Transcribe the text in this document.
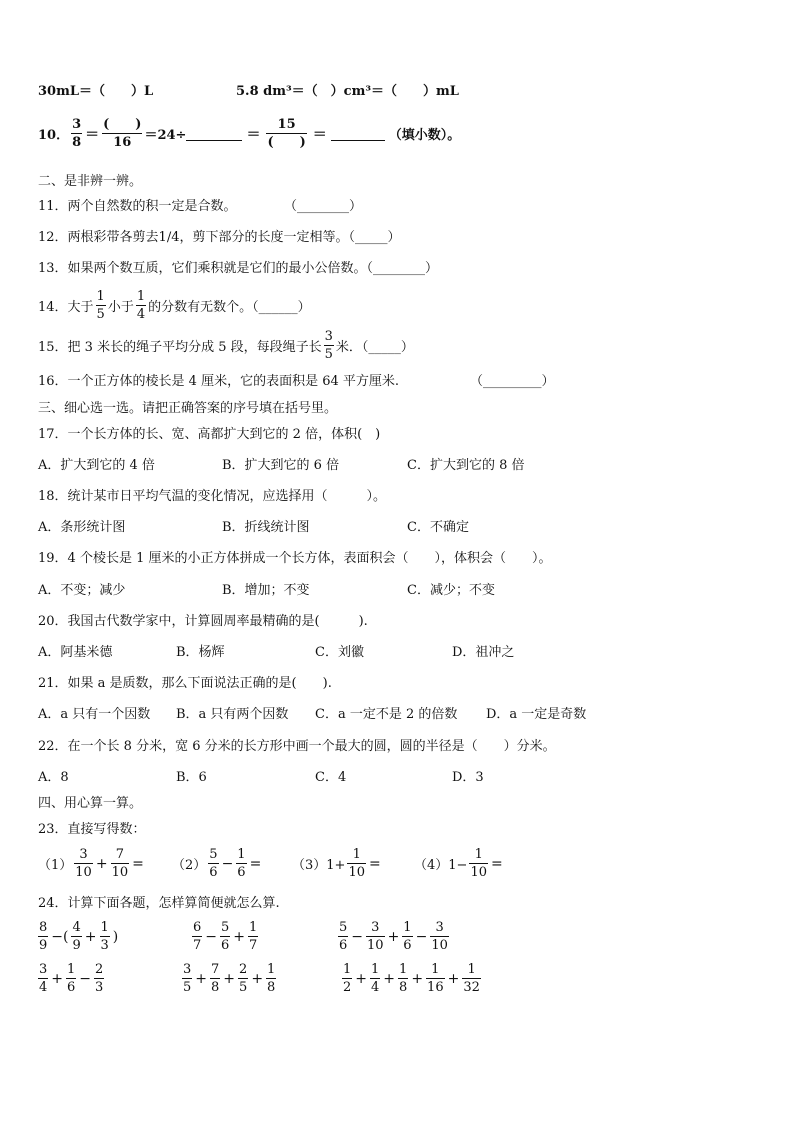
30mL＝（　　）L	5.8 dm³＝（　）cm³＝（　　）mL
10． $\frac{3}{8} = \frac{( )}{16} =24\div$	＝ $\frac{15}{( )}$ ＝	（填小数）。
二、是非辨一辨。
11．两个自然数的积一定是合数。	（________）
12．两根彩带各剪去1/4，剪下部分的长度一定相等。（_____）
13．如果两个数互质，它们乘积就是它们的最小公倍数。（________）
14．大于 $\frac{1}{5}$ 小于 $\frac{1}{4}$ 的分数有无数个。（______）
15．把 3 米长的绳子平均分成 5 段，每段绳子长 $\frac{3}{5}$ 米．（_____）
16．一个正方体的棱长是 4 厘米，它的表面积是 64 平方厘米.	（_________）
三、细心选一选。请把正确答案的序号填在括号里。
17．一个长方体的长、宽、高都扩大到它的 2 倍，体积(　)
A．扩大到它的 4 倍	B．扩大到它的 6 倍	C．扩大到它的 8 倍
18．统计某市日平均气温的变化情况，应选择用（　　　）。
A．条形统计图	B．折线统计图	C．不确定
19．4 个棱长是 1 厘米的小正方体拼成一个长方体，表面积会（　　），体积会（　　）。
A．不变；减少	B．增加；不变	C．减少；不变
20．我国古代数学家中，计算圆周率最精确的是(　　　).
A．阿基米德	B．杨辉	C．刘徽	D．祖冲之
21．如果 a 是质数，那么下面说法正确的是(　　).
A．a 只有一个因数 B．a 只有两个因数 C．a 一定不是 2 的倍数 D．a 一定是奇数
22．在一个长 8 分米，宽 6 分米的长方形中画一个最大的圆，圆的半径是（　　）分米。
A．8	B．6	C．4	D．3
四、用心算一算。
23．直接写得数：
$(1) \frac{3}{10} + \frac{7}{10} = (2) \frac{5}{6} - \frac{1}{6} = (3)1+ \frac{1}{10}$ =	$(4)1- \frac{1}{10}$ =
24．计算下面各题，怎样算简便就怎么算.
$\frac{8}{9}$ −( $\frac{4}{9} + \frac{1}{3}$ )	$\frac{6}{7} - \frac{5}{6} + \frac{1}{7}$	$\frac{5}{6} - \frac{3}{10} + \frac{1}{6} - \frac{3}{10}$
$\frac{3}{4} + \frac{1}{6} - \frac{2}{3}$	$\frac{3}{5} + \frac{7}{8} + \frac{2}{5} + \frac{1}{8}$	$\frac{1}{2} + \frac{1}{4} + \frac{1}{8} + \frac{1}{16} + \frac{1}{32}$
